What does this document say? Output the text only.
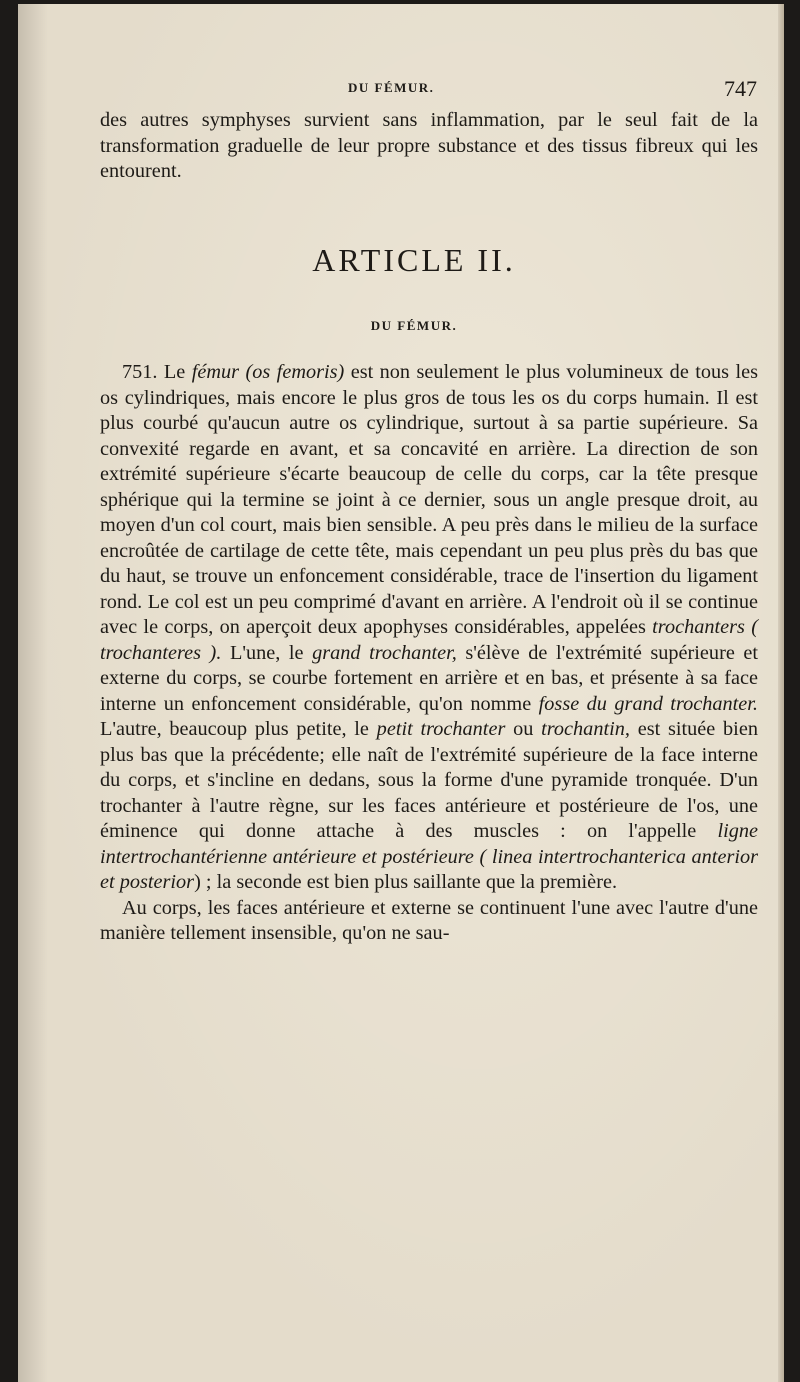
DU FÉMUR.	747

des autres symphyses survient sans inflammation, par le seul fait de la transformation graduelle de leur propre substance et des tissus fibreux qui les entourent.

ARTICLE II.
DU FÉMUR.

751. Le fémur (os femoris) est non seulement le plus volumineux de tous les os cylindriques, mais encore le plus gros de tous les os du corps humain. Il est plus courbé qu'aucun autre os cylindrique, surtout à sa partie supérieure. Sa convexité regarde en avant, et sa concavité en arrière. La direction de son extrémité supérieure s'écarte beaucoup de celle du corps, car la tête presque sphérique qui la termine se joint à ce dernier, sous un angle presque droit, au moyen d'un col court, mais bien sensible. A peu près dans le milieu de la surface encroûtée de cartilage de cette tête, mais cependant un peu plus près du bas que du haut, se trouve un enfoncement considérable, trace de l'insertion du ligament rond. Le col est un peu comprimé d'avant en arrière. A l'endroit où il se continue avec le corps, on aperçoit deux apophyses considérables, appelées trochanters ( trochanteres ). L'une, le grand trochanter, s'élève de l'extrémité supérieure et externe du corps, se courbe fortement en arrière et en bas, et présente à sa face interne un enfoncement considérable, qu'on nomme fosse du grand trochanter. L'autre, beaucoup plus petite, le petit trochanter ou trochantin, est située bien plus bas que la précédente; elle naît de l'extrémité supérieure de la face interne du corps, et s'incline en dedans, sous la forme d'une pyramide tronquée. D'un trochanter à l'autre règne, sur les faces antérieure et postérieure de l'os, une éminence qui donne attache à des muscles : on l'appelle ligne intertrochantérienne antérieure et postérieure ( linea intertrochanterica anterior et posterior) ; la seconde est bien plus saillante que la première.

Au corps, les faces antérieure et externe se continuent l'une avec l'autre d'une manière tellement insensible, qu'on ne sau-
